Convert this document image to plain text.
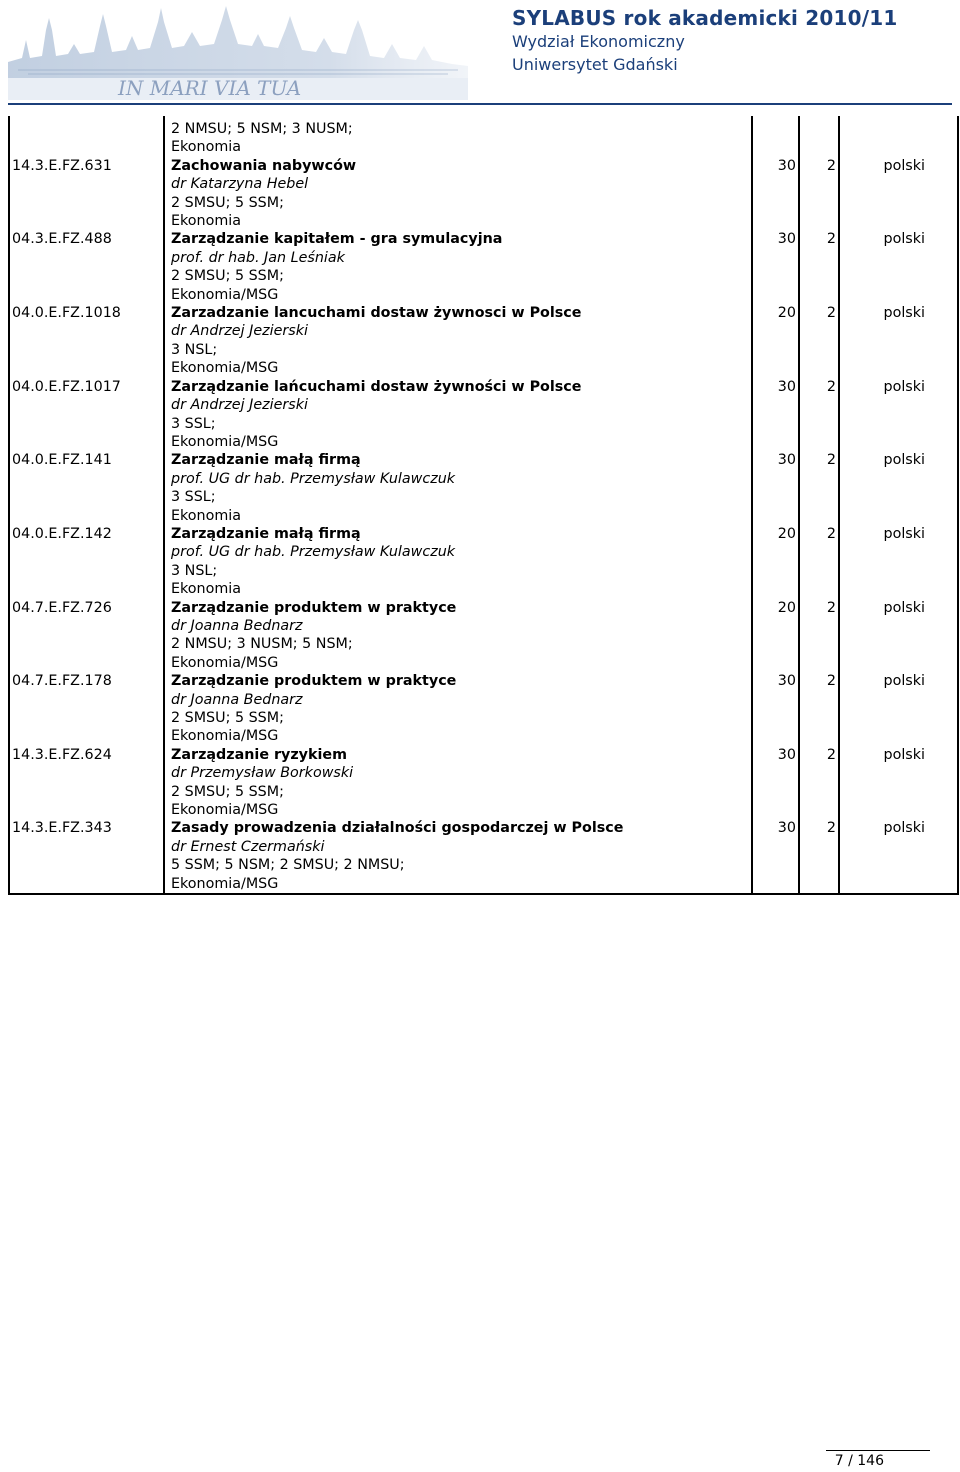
IN MARI VIA TUA
SYLABUS rok akademicki 2010/11
Wydział Ekonomiczny
Uniwersytet Gdański

	2 NMSU; 5 NSM; 3 NUSM;
Ekonomia			

14.3.E.FZ.631	Zachowania nabywców
dr Katarzyna Hebel
2 SMSU; 5 SSM;
Ekonomia	30	2	polski
04.3.E.FZ.488	Zarządzanie kapitałem - gra symulacyjna
prof. dr hab. Jan Leśniak
2 SMSU; 5 SSM;
Ekonomia/MSG	30	2	polski
04.0.E.FZ.1018	Zarzadzanie lancuchami dostaw żywnosci w Polsce
dr Andrzej Jezierski
3 NSL;
Ekonomia/MSG	20	2	polski
04.0.E.FZ.1017	Zarządzanie lańcuchami dostaw żywności w Polsce
dr Andrzej Jezierski
3 SSL;
Ekonomia/MSG	30	2	polski
04.0.E.FZ.141	Zarządzanie małą firmą
prof. UG dr hab. Przemysław Kulawczuk
3 SSL;
Ekonomia	30	2	polski
04.0.E.FZ.142	Zarządzanie małą firmą
prof. UG dr hab. Przemysław Kulawczuk
3 NSL;
Ekonomia	20	2	polski
04.7.E.FZ.726	Zarządzanie produktem w praktyce
dr Joanna Bednarz
2 NMSU; 3 NUSM; 5 NSM;
Ekonomia/MSG	20	2	polski
04.7.E.FZ.178	Zarządzanie produktem w praktyce
dr Joanna Bednarz
2 SMSU; 5 SSM;
Ekonomia/MSG	30	2	polski
14.3.E.FZ.624	Zarządzanie ryzykiem
dr Przemysław Borkowski
2 SMSU; 5 SSM;
Ekonomia/MSG	30	2	polski
14.3.E.FZ.343	Zasady prowadzenia działalności gospodarczej w Polsce
dr Ernest Czermański
5 SSM; 5 NSM; 2 SMSU; 2 NMSU;
Ekonomia/MSG	30	2	polski
7 / 146
